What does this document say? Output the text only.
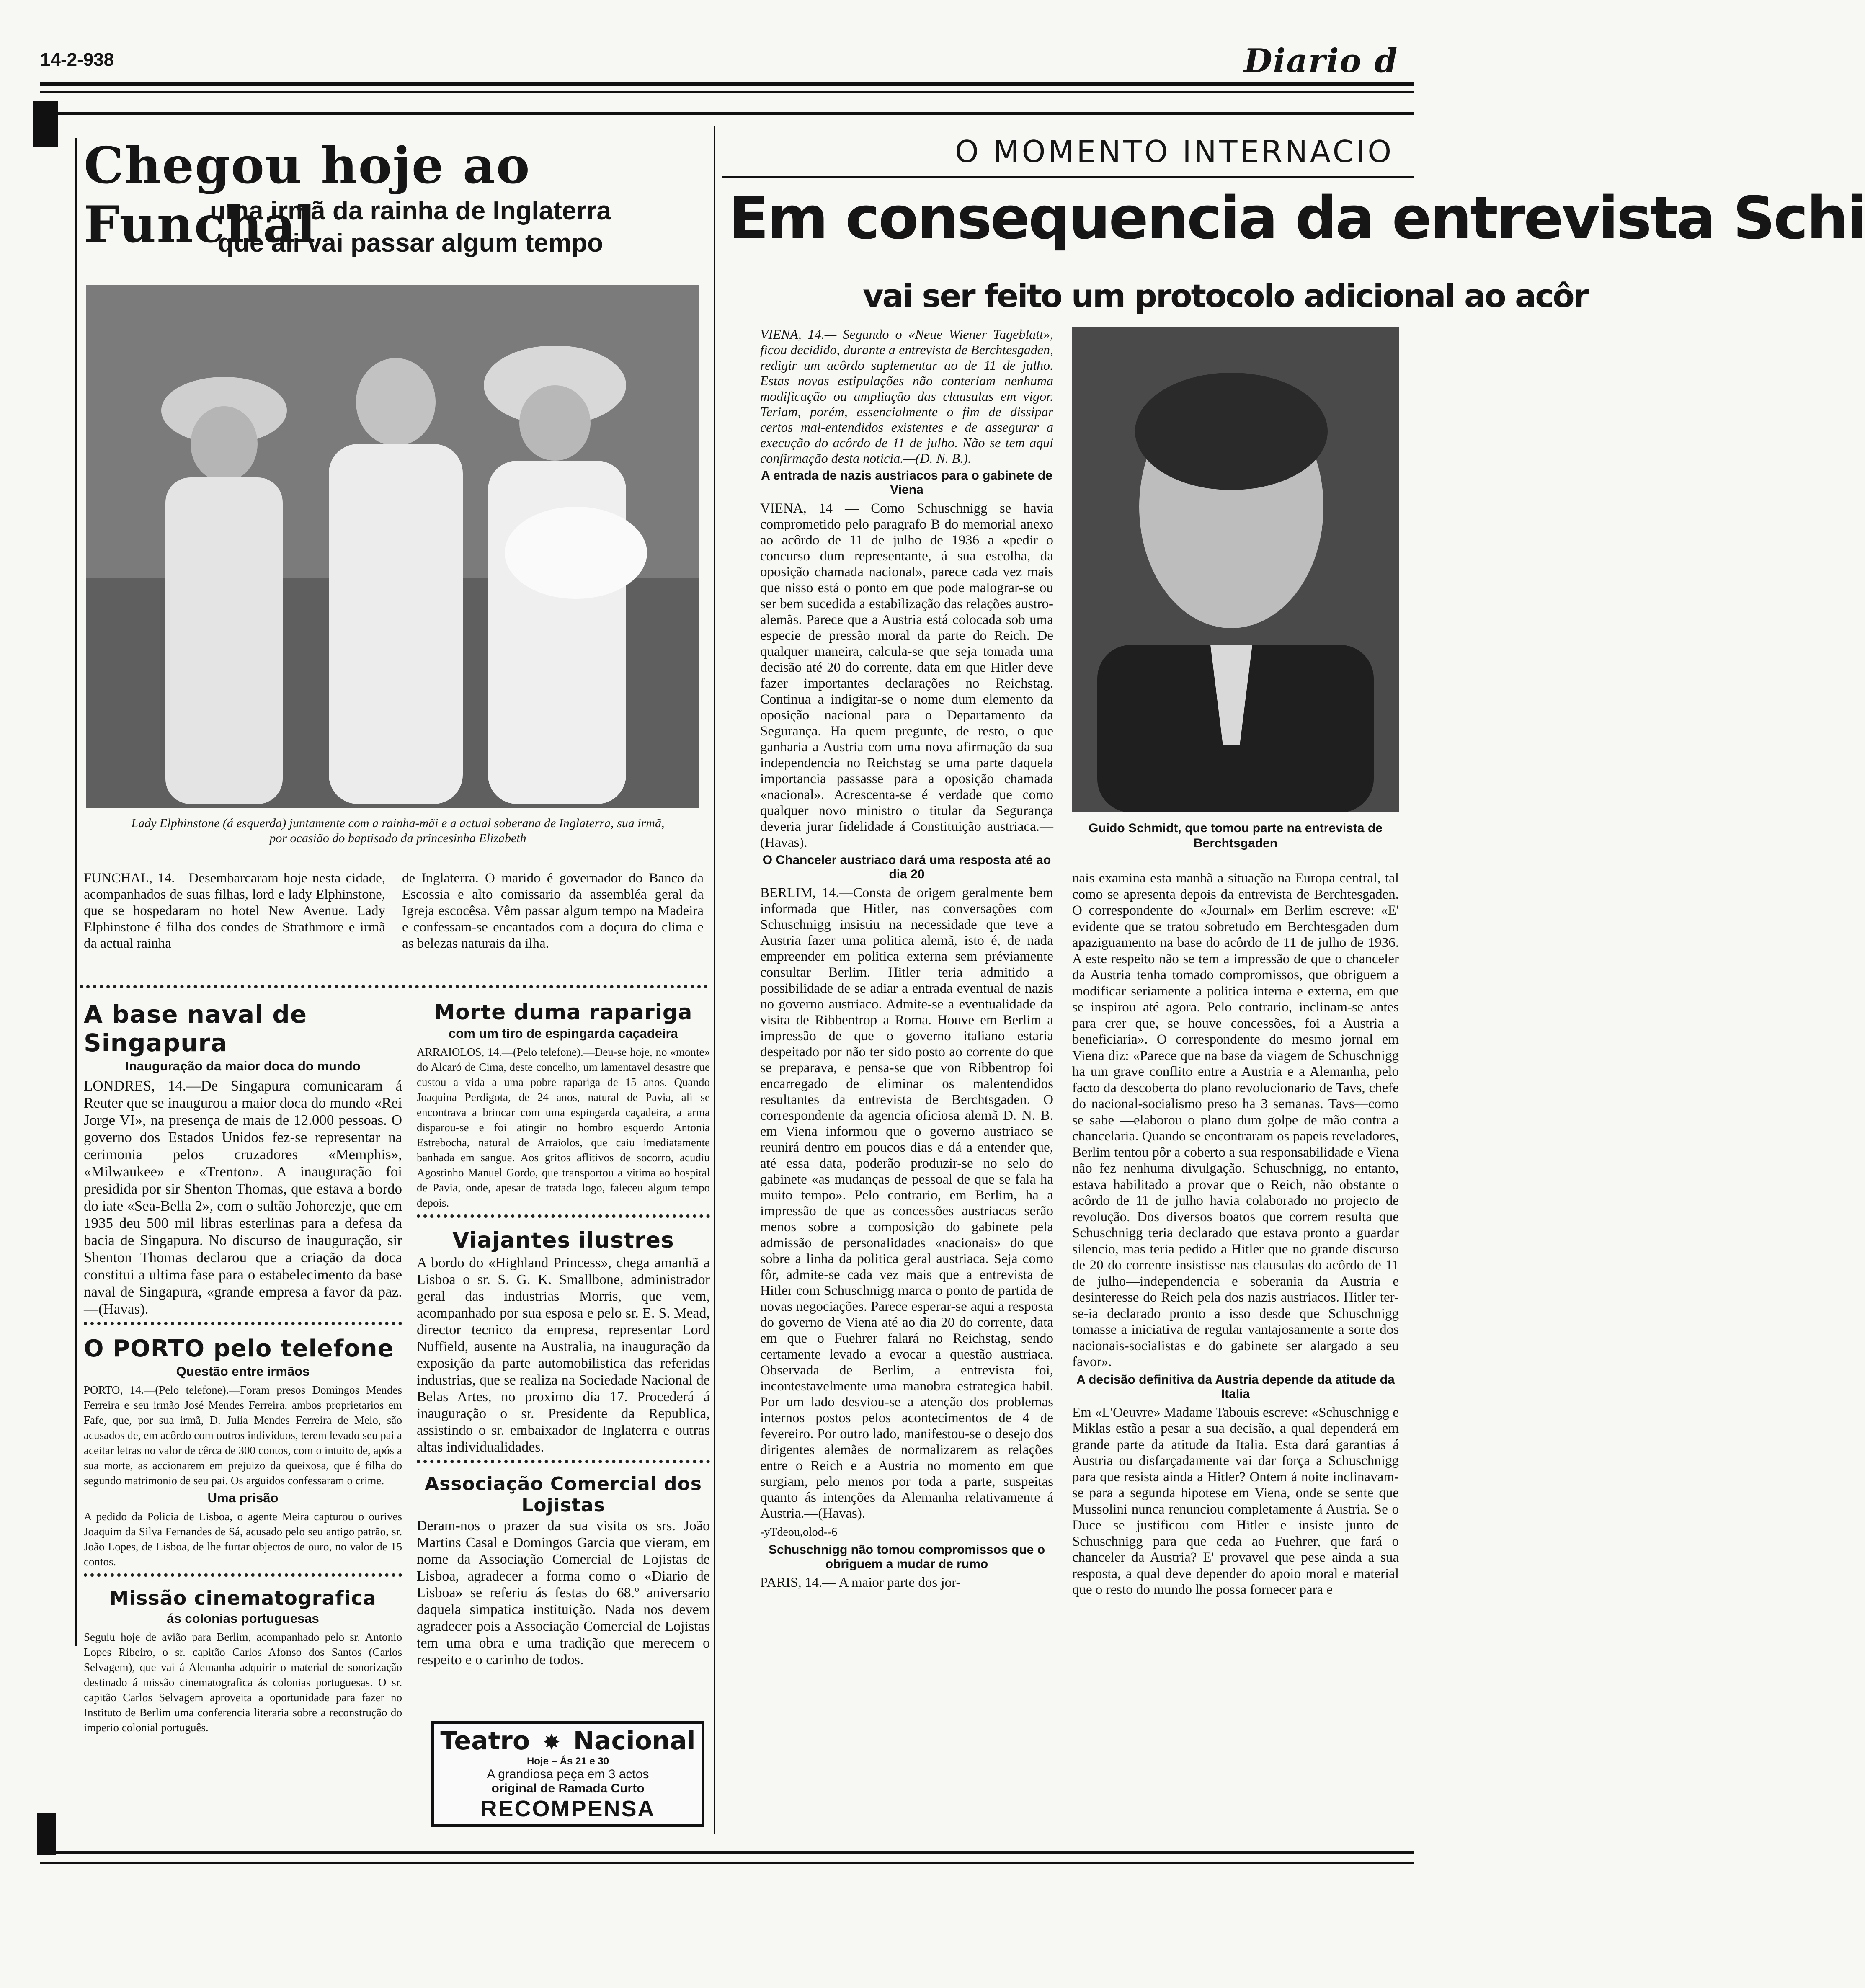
14-2-938	Diario d
Chegou hoje ao Funchal
uma irmã da rainha de Inglaterra
que ali vai passar algum tempo
Lady Elphinstone (á esquerda) juntamente com a rainha-mãi e a actual soberana de Inglaterra, sua irmã, por ocasião do baptisado da princesinha Elizabeth

FUNCHAL, 14.—Desembarcaram hoje nesta cidade, acompanhados de suas filhas, lord e lady Elphinstone, que se hospedaram no hotel New Avenue. Lady Elphinstone é filha dos condes de Strathmore e irmã da actual rainha

de Inglaterra. O marido é governador do Banco da Escossia e alto comissario da assembléa geral da Igreja escocêsa. Vêm passar algum tempo na Madeira e confessam-se encantados com a doçura do clima e as belezas naturais da ilha.

A base naval de Singapura
Inauguração da maior doca do mundo

LONDRES, 14.—De Singapura comunicaram á Reuter que se inaugurou a maior doca do mundo «Rei Jorge VI», na presença de mais de 12.000 pessoas. O governo dos Estados Unidos fez-se representar na cerimonia pelos cruzadores «Memphis», «Milwaukee» e «Trenton». A inauguração foi presidida por sir Shenton Thomas, que estava a bordo do iate «Sea-Bella 2», com o sultão Johorezje, que em 1935 deu 500 mil libras esterlinas para a defesa da bacia de Singapura. No discurso de inauguração, sir Shenton Thomas declarou que a criação da doca constitui a ultima fase para o estabelecimento da base naval de Singapura, «grande empresa a favor da paz.—(Havas).

O PORTO pelo telefone
Questão entre irmãos

PORTO, 14.—(Pelo telefone).—Foram presos Domingos Mendes Ferreira e seu irmão José Mendes Ferreira, ambos proprietarios em Fafe, que, por sua irmã, D. Julia Mendes Ferreira de Melo, são acusados de, em acôrdo com outros individuos, terem levado seu pai a aceitar letras no valor de cêrca de 300 contos, com o intuito de, após a sua morte, as accionarem em prejuizo da queixosa, que é filha do segundo matrimonio de seu pai. Os arguidos confessaram o crime.

Uma prisão

A pedido da Policia de Lisboa, o agente Meira capturou o ourives Joaquim da Silva Fernandes de Sá, acusado pelo seu antigo patrão, sr. João Lopes, de Lisboa, de lhe furtar objectos de ouro, no valor de 15 contos.

Missão cinematografica
ás colonias portuguesas

Seguiu hoje de avião para Berlim, acompanhado pelo sr. Antonio Lopes Ribeiro, o sr. capitão Carlos Afonso dos Santos (Carlos Selvagem), que vai á Alemanha adquirir o material de sonorização destinado á missão cinematografica ás colonias portuguesas. O sr. capitão Carlos Selvagem aproveita a oportunidade para fazer no Instituto de Berlim uma conferencia literaria sobre a reconstrução do imperio colonial português.

Morte duma rapariga
com um tiro de espingarda caçadeira

ARRAIOLOS, 14.—(Pelo telefone).—Deu-se hoje, no «monte» do Alcaró de Cima, deste concelho, um lamentavel desastre que custou a vida a uma pobre rapariga de 15 anos. Quando Joaquina Perdigota, de 24 anos, natural de Pavia, ali se encontrava a brincar com uma espingarda caçadeira, a arma disparou-se e foi atingir no hombro esquerdo Antonia Estrebocha, natural de Arraiolos, que caiu imediatamente banhada em sangue. Aos gritos aflitivos de socorro, acudiu Agostinho Manuel Gordo, que transportou a vitima ao hospital de Pavia, onde, apesar de tratada logo, faleceu algum tempo depois.

Viajantes ilustres

A bordo do «Highland Princess», chega amanhã a Lisboa o sr. S. G. K. Smallbone, administrador geral das industrias Morris, que vem, acompanhado por sua esposa e pelo sr. E. S. Mead, director tecnico da empresa, representar Lord Nuffield, ausente na Australia, na inauguração da exposição da parte automobilistica das referidas industrias, que se realiza na Sociedade Nacional de Belas Artes, no proximo dia 17. Procederá á inauguração o sr. Presidente da Republica, assistindo o sr. embaixador de Inglaterra e outras altas individualidades.

Associação Comercial dos Lojistas

Deram-nos o prazer da sua visita os srs. João Martins Casal e Domingos Garcia que vieram, em nome da Associação Comercial de Lojistas de Lisboa, agradecer a forma como o «Diario de Lisboa» se referiu ás festas do 68.º aniversario daquela simpatica instituição. Nada nos devem agradecer pois a Associação Comercial de Lojistas tem uma obra e uma tradição que merecem o respeito e o carinho de todos.

Teatro ✸ Nacional
Hoje – Ás 21 e 30
A grandiosa peça em 3 actos
original de Ramada Curto
RECOMPENSA
O MOMENTO INTERNACIO
Em consequencia da entrevista Schi
vai ser feito um protocolo adicional ao acôr

VIENA, 14.— Segundo o «Neue Wiener Tageblatt», ficou decidido, durante a entrevista de Berchtesgaden, redigir um acôrdo suplementar ao de 11 de julho. Estas novas estipulações não conteriam nenhuma modificação ou ampliação das clausulas em vigor. Teriam, porém, essencialmente o fim de dissipar certos mal-entendidos existentes e de assegurar a execução do acôrdo de 11 de julho. Não se tem aqui confirmação desta noticia.—(D. N. B.).

A entrada de nazis austriacos para o gabinete de Viena

VIENA, 14 — Como Schuschnigg se havia comprometido pelo paragrafo B do memorial anexo ao acôrdo de 11 de julho de 1936 a «pedir o concurso dum representante, á sua escolha, da oposição chamada nacional», parece cada vez mais que nisso está o ponto em que pode malograr-se ou ser bem sucedida a estabilização das relações austro-alemãs. Parece que a Austria está colocada sob uma especie de pressão moral da parte do Reich. De qualquer maneira, calcula-se que seja tomada uma decisão até 20 do corrente, data em que Hitler deve fazer importantes declarações no Reichstag. Continua a indigitar-se o nome dum elemento da oposição nacional para o Departamento da Segurança. Ha quem pregunte, de resto, o que ganharia a Austria com uma nova afirmação da sua independencia no Reichstag se uma parte daquela importancia passasse para a oposição chamada «nacional». Acrescenta-se é verdade que como qualquer novo ministro o titular da Segurança deveria jurar fidelidade á Constituição austriaca.—(Havas).

O Chanceler austriaco dará uma resposta até ao dia 20

BERLIM, 14.—Consta de origem geralmente bem informada que Hitler, nas conversações com Schuschnigg insistiu na necessidade que teve a Austria fazer uma politica alemã, isto é, de nada empreender em politica externa sem préviamente consultar Berlim. Hitler teria admitido a possibilidade de se adiar a entrada eventual de nazis no governo austriaco. Admite-se a eventualidade da visita de Ribbentrop a Roma. Houve em Berlim a impressão de que o governo italiano estaria despeitado por não ter sido posto ao corrente do que se preparava, e pensa-se que von Ribbentrop foi encarregado de eliminar os malentendidos resultantes da entrevista de Berchtsgaden. O correspondente da agencia oficiosa alemã D. N. B. em Viena informou que o governo austriaco se reunirá dentro em poucos dias e dá a entender que, até essa data, poderão produzir-se no selo do gabinete «as mudanças de pessoal de que se fala ha muito tempo». Pelo contrario, em Berlim, ha a impressão de que as concessões austriacas serão menos sobre a composição do gabinete pela admissão de personalidades «nacionais» do que sobre a linha da politica geral austriaca. Seja como fôr, admite-se cada vez mais que a entrevista de Hitler com Schuschnigg marca o ponto de partida de novas negociações. Parece esperar-se aqui a resposta do governo de Viena até ao dia 20 do corrente, data em que o Fuehrer falará no Reichstag, sendo certamente levado a evocar a questão austriaca. Observada de Berlim, a entrevista foi, incontestavelmente uma manobra estrategica habil. Por um lado desviou-se a atenção dos problemas internos postos pelos acontecimentos de 4 de fevereiro. Por outro lado, manifestou-se o desejo dos dirigentes alemães de normalizarem as relações entre o Reich e a Austria no momento em que surgiam, pelo menos por toda a parte, suspeitas quanto ás intenções da Alemanha relativamente á Austria.—(Havas).

-yTdeou,olod--6

Schuschnigg não tomou compromissos que o obriguem a mudar de rumo

PARIS, 14.— A maior parte dos jor-

Guido Schmidt, que tomou parte na entrevista de Berchtsgaden

nais examina esta manhã a situação na Europa central, tal como se apresenta depois da entrevista de Berchtesgaden. O correspondente do «Journal» em Berlim escreve: «E' evidente que se tratou sobretudo em Berchtesgaden dum apaziguamento na base do acôrdo de 11 de julho de 1936. A este respeito não se tem a impressão de que o chanceler da Austria tenha tomado compromissos, que obriguem a modificar seriamente a politica interna e externa, em que se inspirou até agora. Pelo contrario, inclinam-se antes para crer que, se houve concessões, foi a Austria a beneficiaria». O correspondente do mesmo jornal em Viena diz: «Parece que na base da viagem de Schuschnigg ha um grave conflito entre a Austria e a Alemanha, pelo facto da descoberta do plano revolucionario de Tavs, chefe do nacional-socialismo preso ha 3 semanas. Tavs—como se sabe —elaborou o plano dum golpe de mão contra a chancelaria. Quando se encontraram os papeis reveladores, Berlim tentou pôr a coberto a sua responsabilidade e Viena não fez nenhuma divulgação. Schuschnigg, no entanto, estava habilitado a provar que o Reich, não obstante o acôrdo de 11 de julho havia colaborado no projecto de revolução. Dos diversos boatos que correm resulta que Schuschnigg teria declarado que estava pronto a guardar silencio, mas teria pedido a Hitler que no grande discurso de 20 do corrente insistisse nas clausulas do acôrdo de 11 de julho—independencia e soberania da Austria e desinteresse do Reich pela dos nazis austriacos. Hitler ter-se-ia declarado pronto a isso desde que Schuschnigg tomasse a iniciativa de regular vantajosamente a sorte dos nacionais-socialistas e do gabinete ser alargado a seu favor».

A decisão definitiva da Austria depende da atitude da Italia

Em «L'Oeuvre» Madame Tabouis escreve: «Schuschnigg e Miklas estão a pesar a sua decisão, a qual dependerá em grande parte da atitude da Italia. Esta dará garantias á Austria ou disfarçadamente vai dar força a Schuschnigg para que resista ainda a Hitler? Ontem á noite inclinavam-se para a segunda hipotese em Viena, onde se sente que Mussolini nunca renunciou completamente á Austria. Se o Duce se justificou com Hitler e insiste junto de Schuschnigg para que ceda ao Fuehrer, que fará o chanceler da Austria? E' provavel que pese ainda a sua resposta, a qual deve depender do apoio moral e material que o resto do mundo lhe possa fornecer para e
